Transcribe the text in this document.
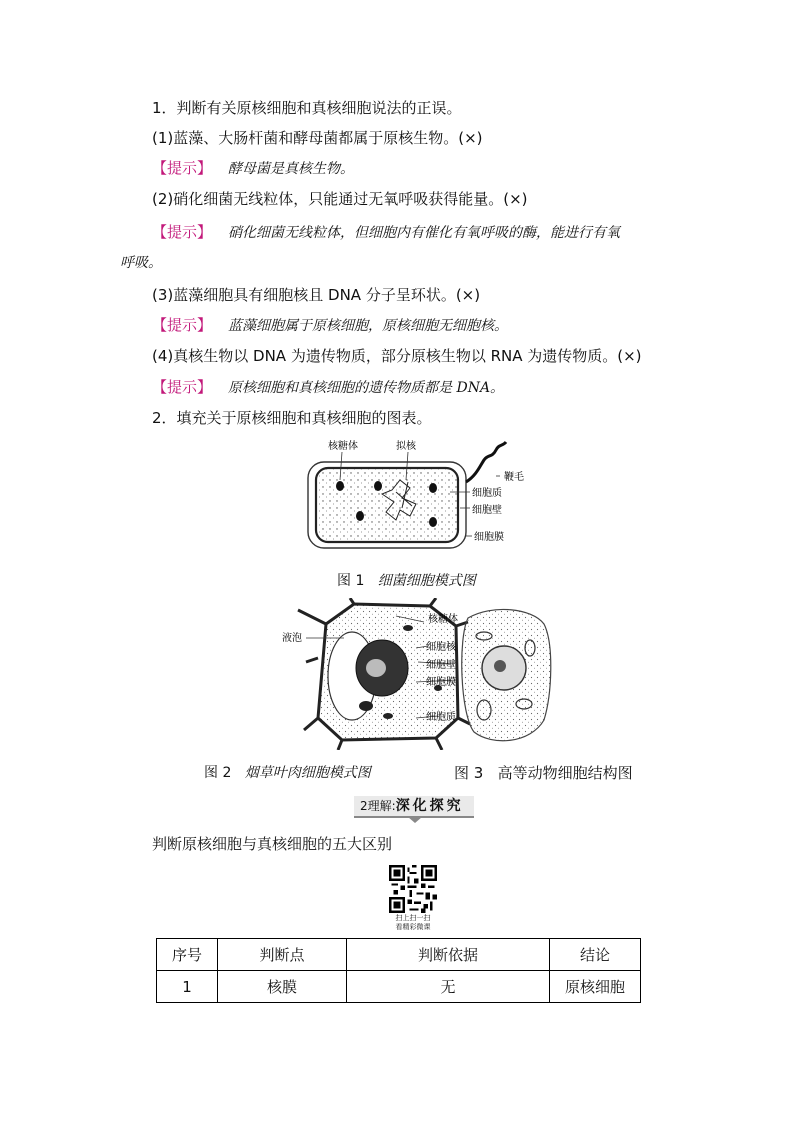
1．判断有关原核细胞和真核细胞说法的正误。
(1)蓝藻、大肠杆菌和酵母菌都属于原核生物。(×)
【提示】 酵母菌是真核生物。
(2)硝化细菌无线粒体，只能通过无氧呼吸获得能量。(×)
【提示】 硝化细菌无线粒体，但细胞内有催化有氧呼吸的酶，能进行有氧
呼吸。
(3)蓝藻细胞具有细胞核且 DNA 分子呈环状。(×)
【提示】 蓝藻细胞属于原核细胞，原核细胞无细胞核。
(4)真核生物以 DNA 为遗传物质，部分原核生物以 RNA 为遗传物质。(×)
【提示】 原核细胞和真核细胞的遗传物质都是 DNA。
2．填充关于原核细胞和真核细胞的图表。
核糖体	拟核
鞭毛
细胞质
细胞壁
细胞膜
图 1 细菌细胞模式图
液泡
核糖体
细胞核
细胞壁
细胞膜
细胞质
图 2 烟草叶肉细胞模式图	图 3 高等动物细胞结构图
2理解:深化探究
判断原核细胞与真核细胞的五大区别
扫上扫一扫
看精彩微课
序号	判断点	判断依据	结论
1	核膜	无	原核细胞
